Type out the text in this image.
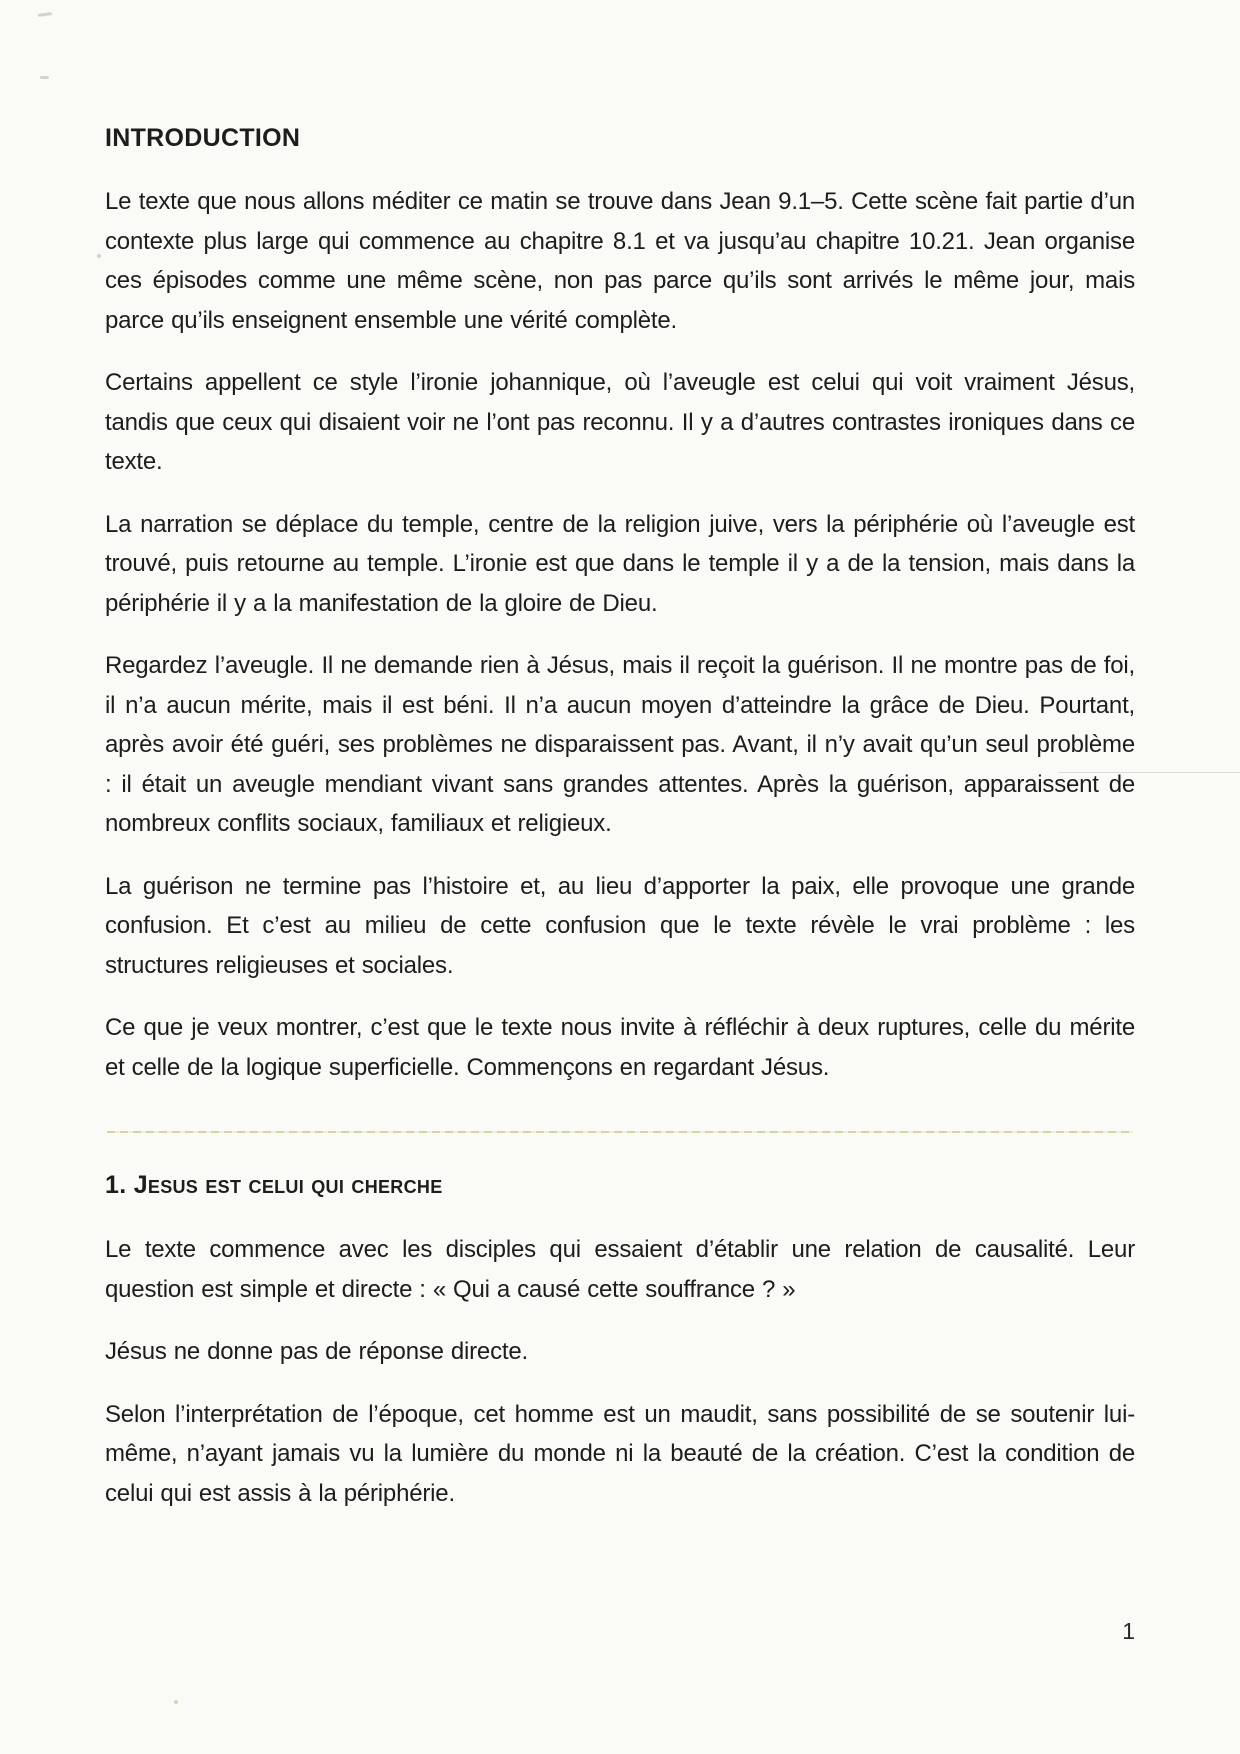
INTRODUCTION

Le texte que nous allons méditer ce matin se trouve dans Jean 9.1–5. Cette scène fait partie d’un contexte plus large qui commence au chapitre 8.1 et va jusqu’au chapitre 10.21. Jean organise ces épisodes comme une même scène, non pas parce qu’ils sont arrivés le même jour, mais parce qu’ils enseignent ensemble une vérité complète.

Certains appellent ce style l’ironie johannique, où l’aveugle est celui qui voit vraiment Jésus, tandis que ceux qui disaient voir ne l’ont pas reconnu. Il y a d’autres contrastes ironiques dans ce texte.

La narration se déplace du temple, centre de la religion juive, vers la périphérie où l’aveugle est trouvé, puis retourne au temple. L’ironie est que dans le temple il y a de la tension, mais dans la périphérie il y a la manifestation de la gloire de Dieu.

Regardez l’aveugle. Il ne demande rien à Jésus, mais il reçoit la guérison. Il ne montre pas de foi, il n’a aucun mérite, mais il est béni. Il n’a aucun moyen d’atteindre la grâce de Dieu. Pourtant, après avoir été guéri, ses problèmes ne disparaissent pas. Avant, il n’y avait qu’un seul problème : il était un aveugle mendiant vivant sans grandes attentes. Après la guérison, apparaissent de nombreux conflits sociaux, familiaux et religieux.

La guérison ne termine pas l’histoire et, au lieu d’apporter la paix, elle provoque une grande confusion. Et c’est au milieu de cette confusion que le texte révèle le vrai problème : les structures religieuses et sociales.

Ce que je veux montrer, c’est que le texte nous invite à réfléchir à deux ruptures, celle du mérite et celle de la logique superficielle. Commençons en regardant Jésus.

1. Jesus est celui qui cherche

Le texte commence avec les disciples qui essaient d’établir une relation de causalité. Leur question est simple et directe : « Qui a causé cette souffrance ? »

Jésus ne donne pas de réponse directe.

Selon l’interprétation de l’époque, cet homme est un maudit, sans possibilité de se soutenir lui-même, n’ayant jamais vu la lumière du monde ni la beauté de la création. C’est la condition de celui qui est assis à la périphérie.

1
